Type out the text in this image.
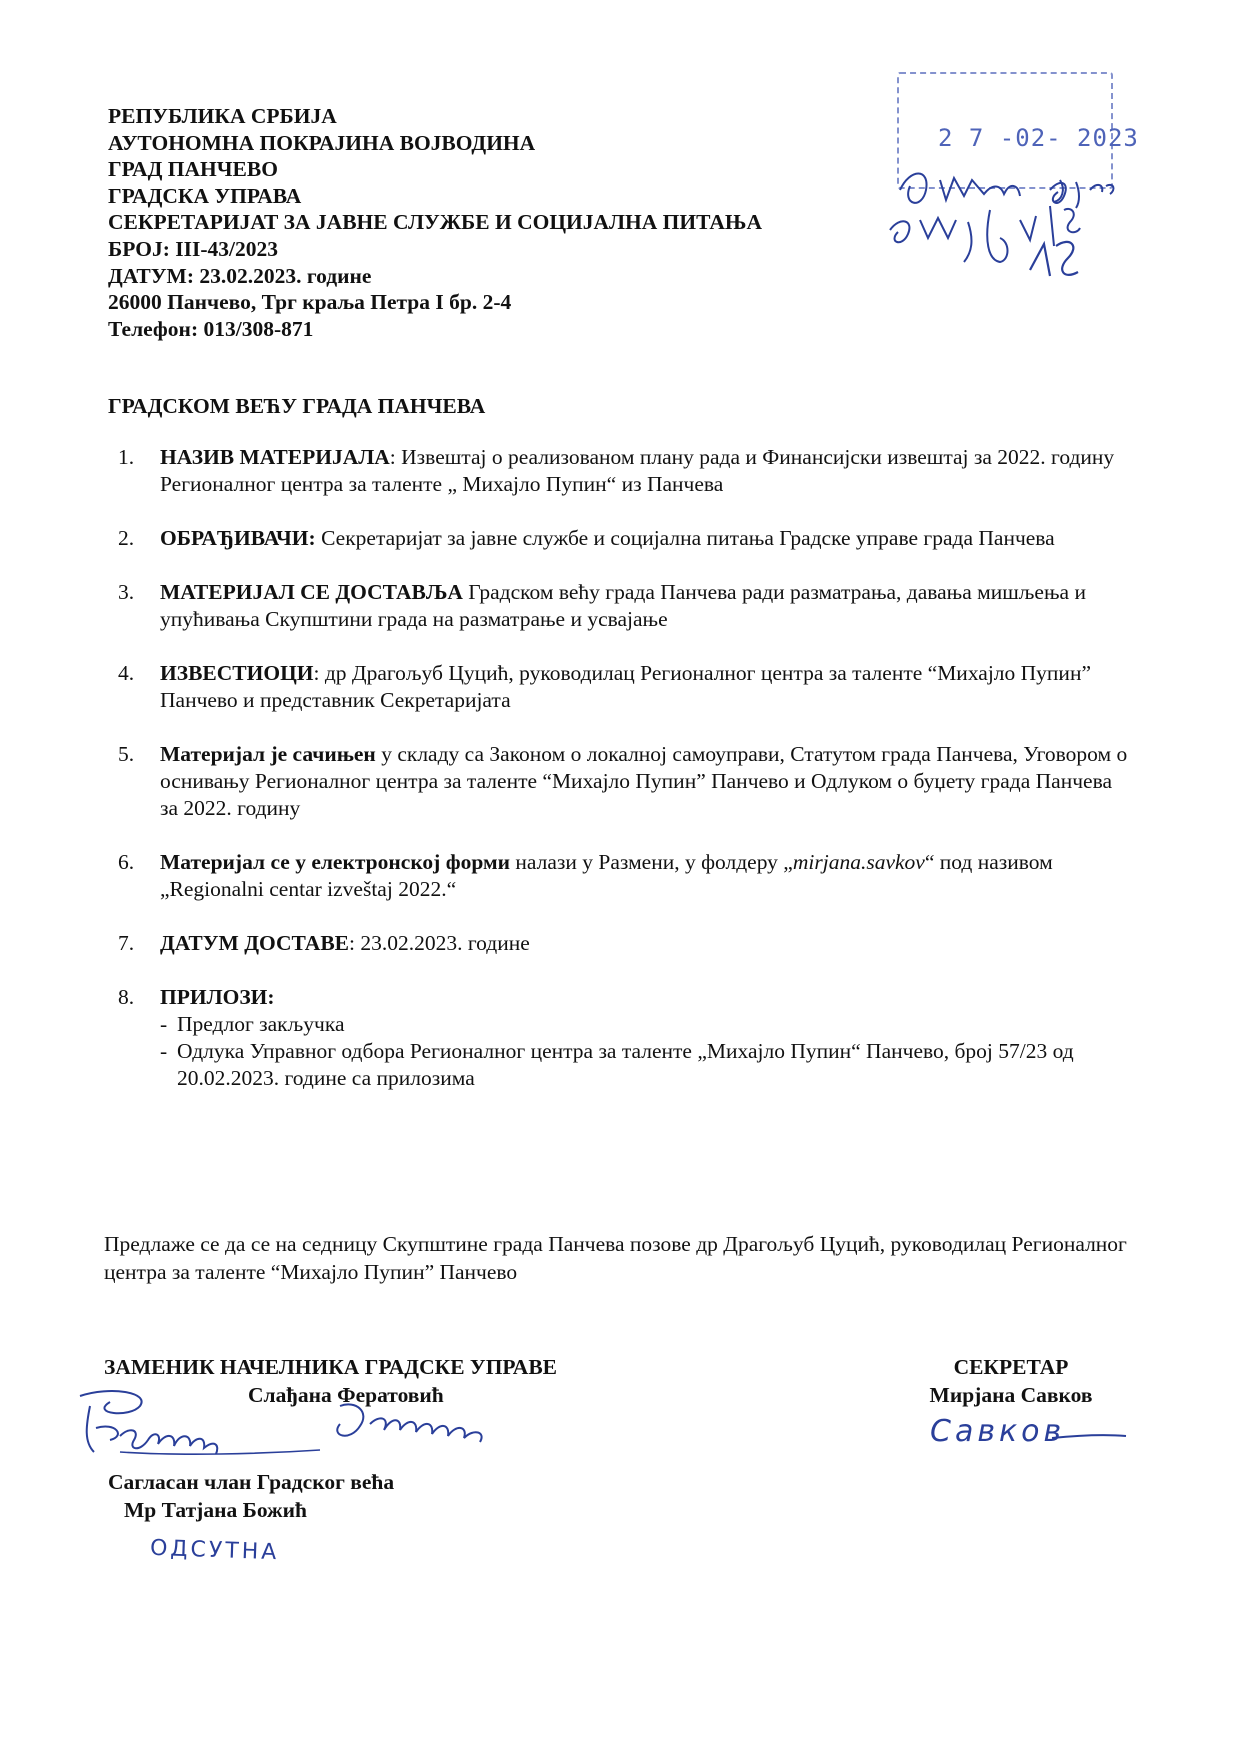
2 7 -02- 2023
РЕПУБЛИКА СРБИЈА
АУТОНОМНА ПОКРАЈИНА ВОЈВОДИНА
ГРАД ПАНЧЕВО
ГРАДСКА УПРАВА
СЕКРЕТАРИЈАТ ЗА ЈАВНЕ СЛУЖБЕ И СОЦИЈАЛНА ПИТАЊА
БРОЈ: III-43/2023
ДАТУМ: 23.02.2023. године
26000 Панчево, Трг краља Петра I бр. 2-4
Телефон: 013/308-871
ГРАДСКОМ ВЕЋУ ГРАДА ПАНЧЕВА
1. НАЗИВ МАТЕРИЈАЛА: Извештај о реализованом плану рада и Финансијски извештај за 2022. годину Регионалног центра за таленте „ Михајло Пупин“ из Панчева
2. ОБРАЂИВАЧИ: Секретаријат за јавне службе и социјална питања Градске управе града Панчева
3. МАТЕРИЈАЛ СЕ ДОСТАВЉА Градском већу града Панчева ради разматрања, давања мишљења и упућивања Скупштини града на разматрање и усвајање
4. ИЗВЕСТИОЦИ: др Драгољуб Цуцић, руководилац Регионалног центра за таленте “Михајло Пупин” Панчево и представник Секретаријата
5. Материјал је сачињен у складу са Законом о локалној самоуправи, Статутом града Панчева, Уговором о оснивању Регионалног центра за таленте “Михајло Пупин” Панчево и Одлуком о буџету града Панчева за 2022. годину
6. Материјал се у електронској форми налази у Размени, у фолдеру „mirjana.savkov“ под називом „Regionalni centar izveštaj 2022.“
7. ДАТУМ ДОСТАВЕ: 23.02.2023. године
8. ПРИЛОЗИ:
- Предлог закључка
- Одлука Управног одбора Регионалног центра за таленте „Михајло Пупин“ Панчево, број 57/23 од 20.02.2023. године са прилозима
Предлаже се да се на седницу Скупштине града Панчева позове др Драгољуб Цуцић, руководилац Регионалног центра за таленте “Михајло Пупин” Панчево
ЗАМЕНИК НАЧЕЛНИКА ГРАДСКЕ УПРАВЕ
Слађана Фератовић
СЕКРЕТАР
Мирјана Савков
Савков
Сагласан члан Градског већа
Мр Татјана Божић
ОДСУТНА
